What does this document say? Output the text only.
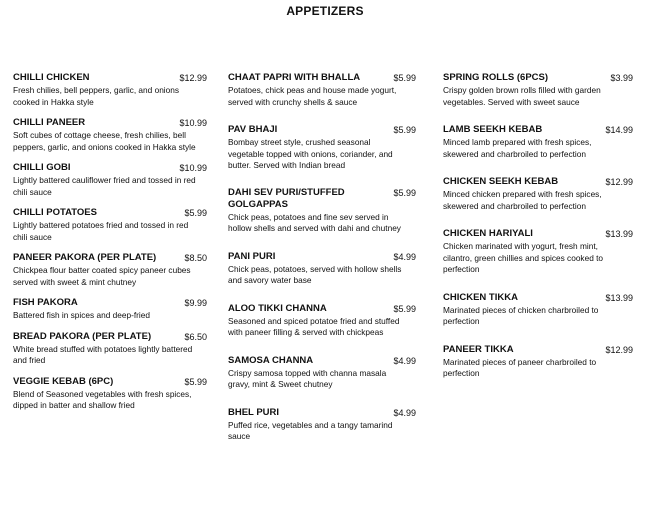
APPETIZERS
CHILLI CHICKEN	$12.99
Fresh chilies, bell peppers, garlic, and onions cooked in Hakka style
CHILLI PANEER	$10.99
Soft cubes of cottage cheese, fresh chilies, bell peppers, garlic, and onions cooked in Hakka style
CHILLI GOBI	$10.99
Lightly battered cauliflower fried and tossed in red chili sauce
CHILLI POTATOES	$5.99
Lightly battered potatoes fried and tossed in red chili sauce
PANEER PAKORA (PER PLATE)	$8.50
Chickpea flour batter coated spicy paneer cubes served with sweet & mint chutney
FISH PAKORA	$9.99
Battered fish in spices and deep-fried
BREAD PAKORA (PER PLATE)	$6.50
White bread stuffed with potatoes lightly battered and fried
VEGGIE KEBAB (6PC)	$5.99
Blend of Seasoned vegetables with fresh spices, dipped in batter and shallow fried
CHAAT PAPRI WITH BHALLA	$5.99
Potatoes, chick peas and house made yogurt, served with crunchy shells & sauce
PAV BHAJI	$5.99
Bombay street style, crushed seasonal vegetable topped with onions, coriander, and butter. Served with Indian bread
DAHI SEV PURI/STUFFED GOLGAPPAS
$5.99
Chick peas, potatoes and fine sev served in hollow shells and served with dahi and chutney
PANI PURI	$4.99
Chick peas, potatoes, served with hollow shells and savory water base
ALOO TIKKI CHANNA	$5.99
Seasoned and spiced potatoe fried and stuffed with paneer filling & served with chickpeas
SAMOSA CHANNA	$4.99
Crispy samosa topped with channa masala gravy, mint & Sweet chutney
BHEL PURI	$4.99
Puffed rice, vegetables and a tangy tamarind sauce
SPRING ROLLS (6PCS)	$3.99
Crispy golden brown rolls filled with garden vegetables. Served with sweet sauce
LAMB SEEKH KEBAB	$14.99
Minced lamb prepared with fresh spices, skewered and charbroiled to perfection
CHICKEN SEEKH KEBAB	$12.99
Minced chicken prepared with fresh spices, skewered and charbroiled to perfection
CHICKEN HARIYALI	$13.99
Chicken marinated with yogurt, fresh mint, cilantro, green chillies and spices cooked to perfection
CHICKEN TIKKA	$13.99
Marinated pieces of chicken charbroiled to perfection
PANEER TIKKA	$12.99
Marinated pieces of paneer charbroiled to perfection
